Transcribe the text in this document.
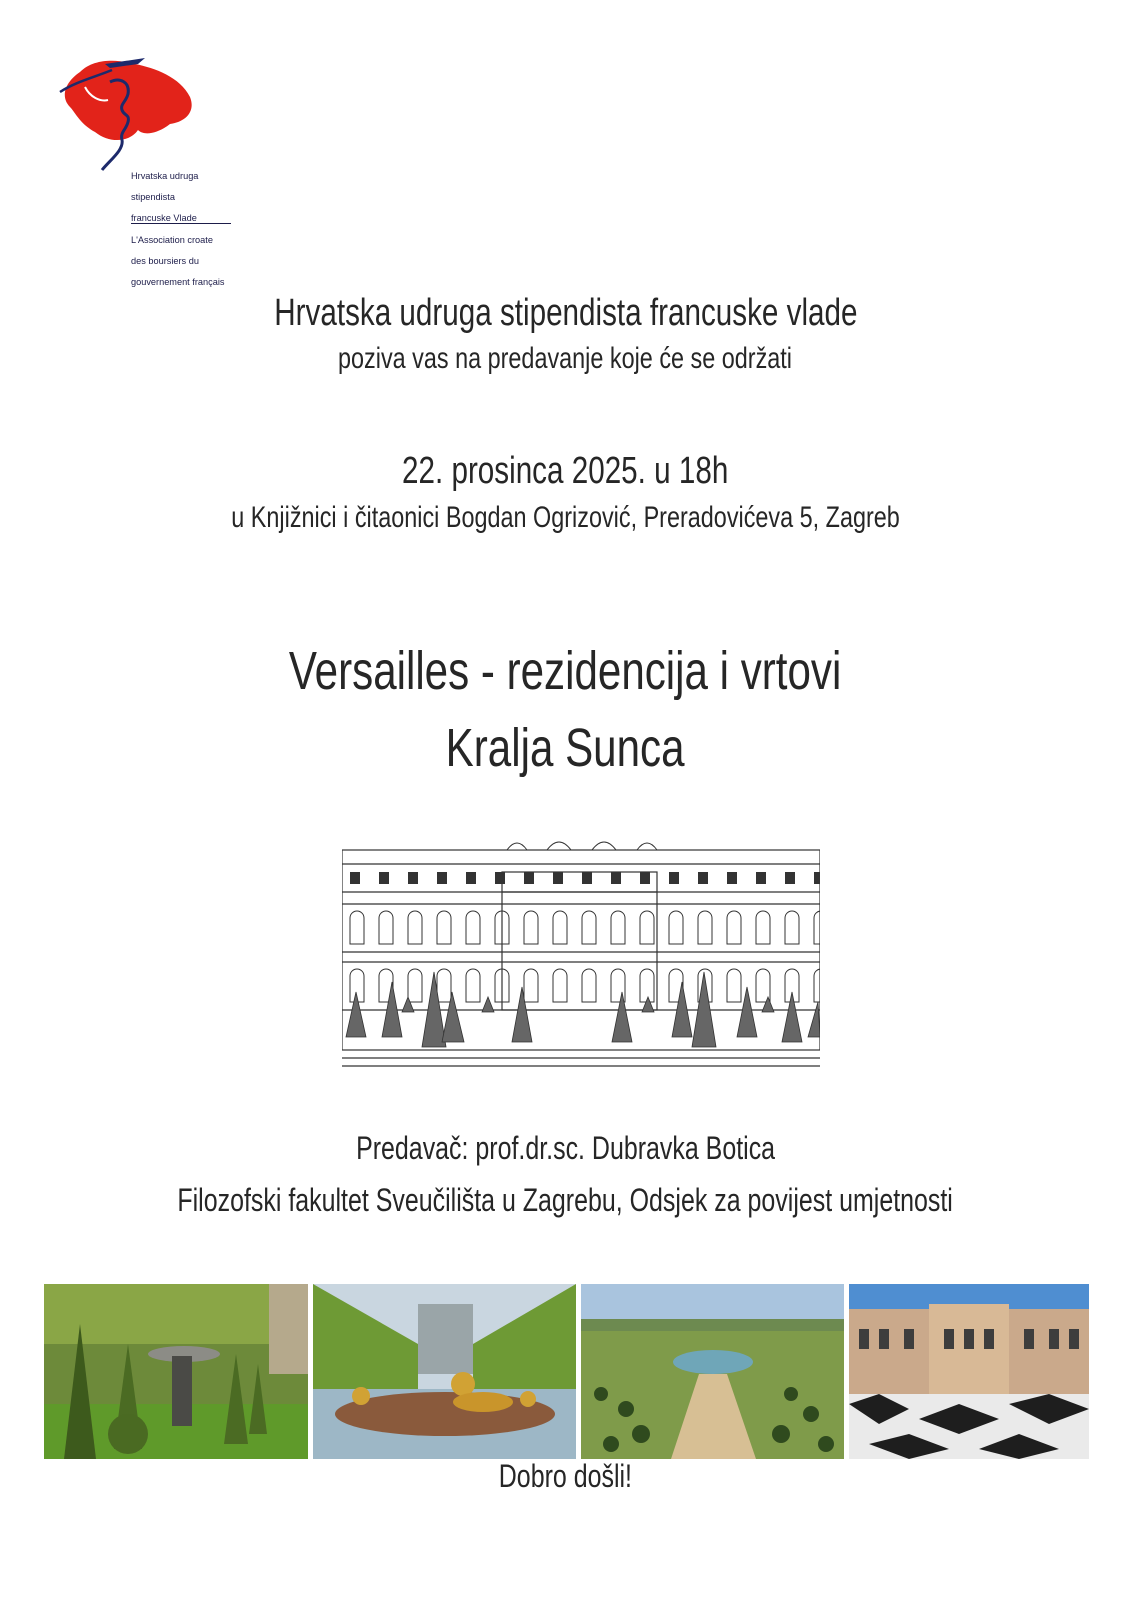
Hrvatska udruga

stipendista

francuske Vlade

L'Association croate

des boursiers du

gouvernement français

Hrvatska udruga stipendista francuske vlade
poziva vas na predavanje koje će se održati
22. prosinca 2025. u 18h
u Knjižnici i čitaonici Bogdan Ogrizović, Preradovićeva 5, Zagreb
Versailles - rezidencija i vrtovi
Kralja Sunca
Predavač: prof.dr.sc. Dubravka Botica
Filozofski fakultet Sveučilišta u Zagrebu, Odsjek za povijest umjetnosti
Dobro došli!
